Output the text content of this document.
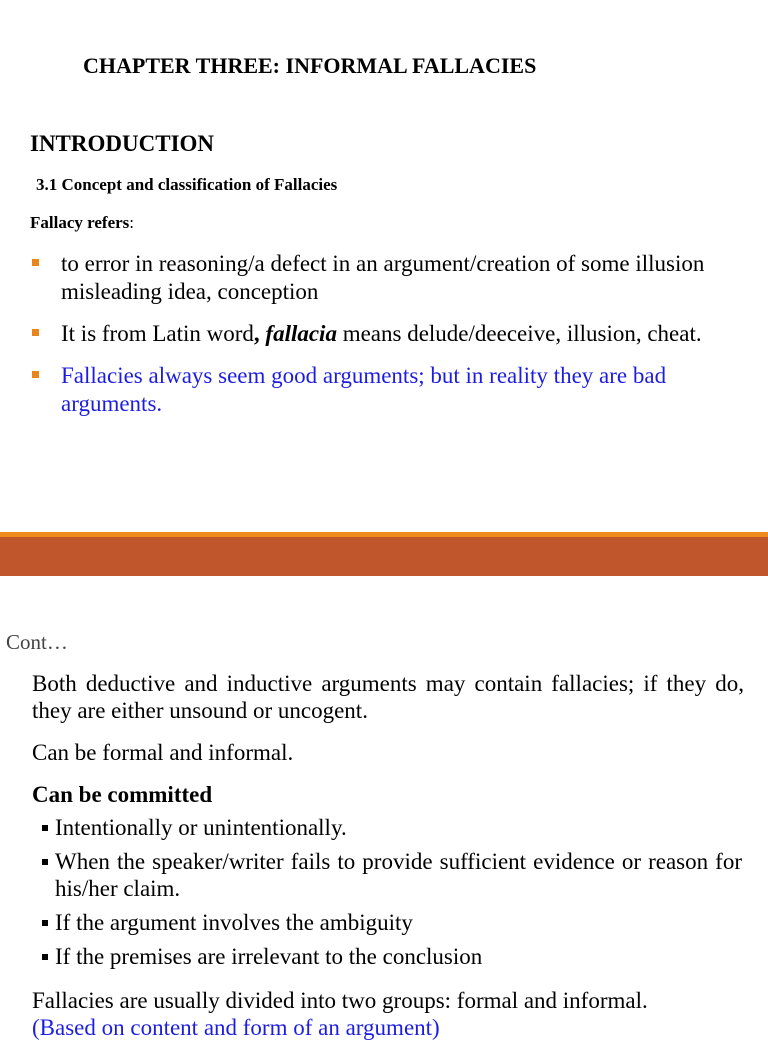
CHAPTER THREE: INFORMAL FALLACIES
INTRODUCTION
3.1 Concept and classification of Fallacies
Fallacy refers:
to error in reasoning/a defect in an argument/creation of some illusion misleading idea, conception
It is from Latin word, fallacia means delude/deeceive, illusion, cheat.
Fallacies always seem good arguments; but in reality they are bad arguments.
Cont…
Both deductive and inductive arguments may contain fallacies; if they do, they are either unsound or uncogent.
Can be formal and informal.
Can be committed
Intentionally or unintentionally.
When the speaker/writer fails to provide sufficient evidence or reason for his/her claim.
If the argument involves the ambiguity
If the premises are irrelevant to the conclusion
Fallacies are usually divided into two groups: formal and informal.
(Based on content and form of an argument)
